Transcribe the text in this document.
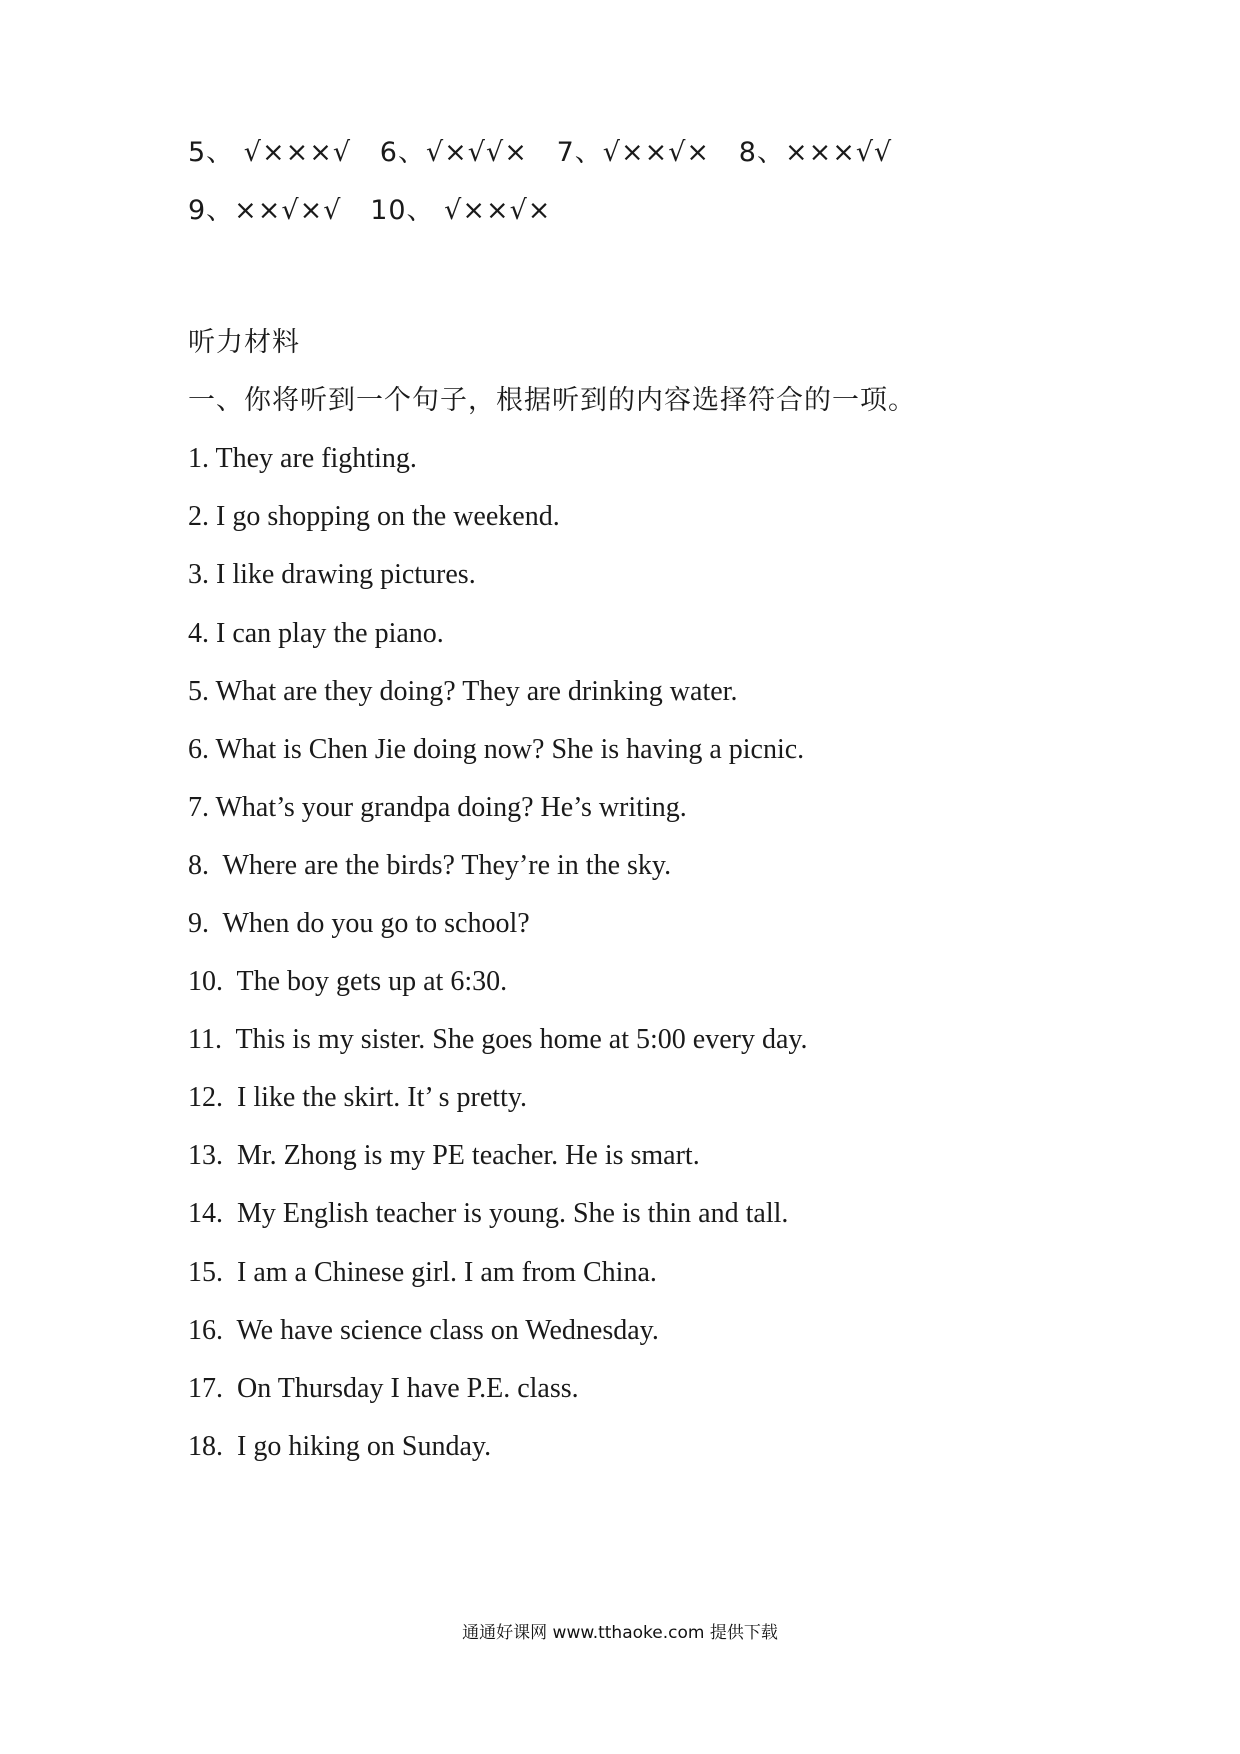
5、 √×××√   6、√×√√×   7、√××√×   8、×××√√
9、××√×√   10、 √××√×
听力材料
一、你将听到一个句子，根据听到的内容选择符合的一项。
1. They are fighting.
2. I go shopping on the weekend.
3. I like drawing pictures.
4. I can play the piano.
5. What are they doing? They are drinking water.
6. What is Chen Jie doing now? She is having a picnic.
7. What’s your grandpa doing? He’s writing.
8.  Where are the birds? They’re in the sky.
9.  When do you go to school?
10.  The boy gets up at 6:30.
11.  This is my sister. She goes home at 5:00 every day.
12.  I like the skirt. It’ s pretty.
13.  Mr. Zhong is my PE teacher. He is smart.
14.  My English teacher is young. She is thin and tall.
15.  I am a Chinese girl. I am from China.
16.  We have science class on Wednesday.
17.  On Thursday I have P.E. class.
18.  I go hiking on Sunday.
通通好课网 www.tthaoke.com 提供下载
